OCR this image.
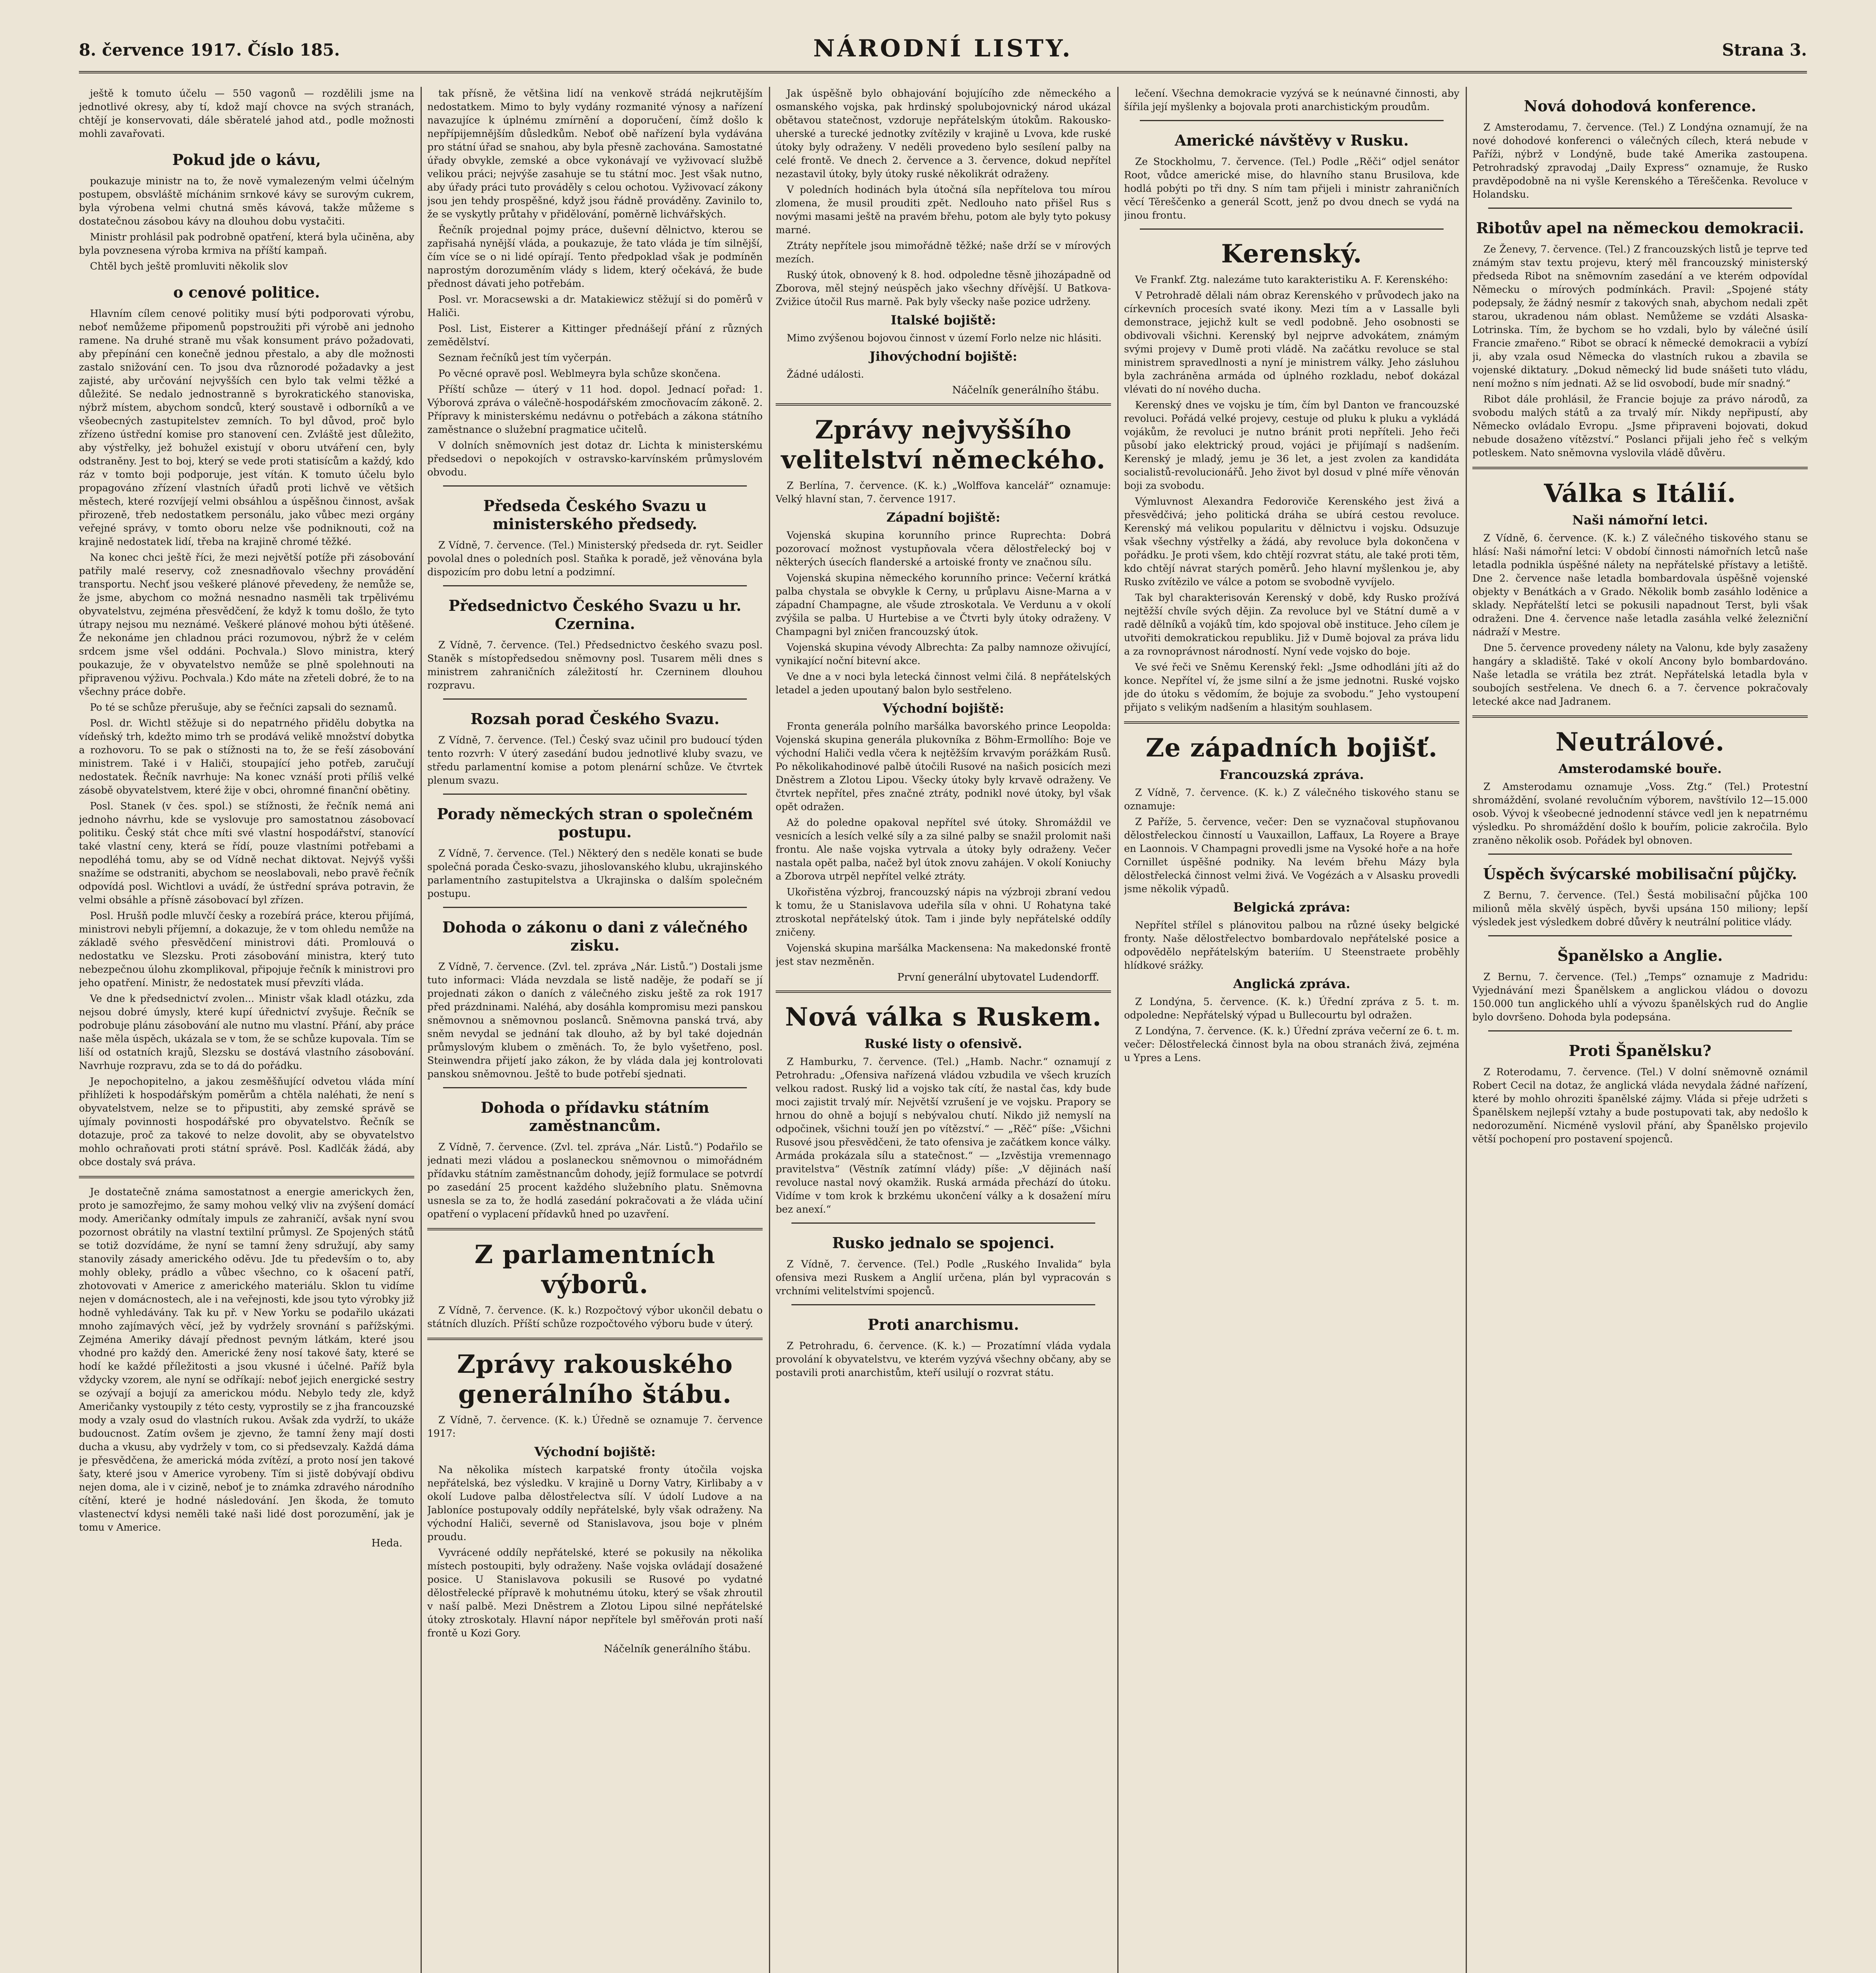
8. července 1917. Číslo 185.	NÁRODNÍ LISTY.	Strana 3.

ještě k tomuto účelu — 550 vagonů — rozdělili jsme na jednotlivé okresy, aby tí, kdož mají chovce na svých stranách, chtějí je konservovati, dále sběratelé jahod atd., podle možnosti mohli zavařovati.

Pokud jde o kávu,

poukazuje ministr na to, že nově vymalezeným velmi účelným postupem, obsvláště míchánim srnkové kávy se surovým cukrem, byla výrobena velmi chutná směs kávová, takže můžeme s dostatečnou zásobou kávy na dlouhou dobu vystačiti.

Ministr prohlásil pak podrobně opatření, která byla učiněna, aby byla povznesena výroba krmiva na příští kampaň.

Chtěl bych ještě promluviti několik slov

o cenové politice.

Hlavním cílem cenové politiky musí býti podporovati výrobu, neboť nemůžeme připomenů popstroužiti při výrobě ani jednoho ramene. Na druhé straně mu však konsument právo požadovati, aby přepínání cen konečně jednou přestalo, a aby dle možnosti zastalo snižování cen. To jsou dva různorodé požadavky a jest zajisté, aby určování nejvyšších cen bylo tak velmi těžké a důležité. Se nedalo jednostranně s byrokratického stanoviska, nýbrž místem, abychom sondců, který soustavě i odborníků a ve všeobecných zastupitelstev zemních. To byl důvod, proč bylo zřízeno ústřední komise pro stanovení cen. Zvláště jest důležito, aby výstřelky, jež bohužel existují v oboru utváření cen, byly odstraněny. Jest to boj, který se vede proti statisícům a každý, kdo ráz v tomto boji podporuje, jest vítán. K tomuto účelu bylo propagováno zřízení vlastních úřadů proti lichvě ve většich městech, které rozvíjejí velmi obsáhlou a úspěšnou činnost, avšak přirozeně, třeb nedostatkem personálu, jako vůbec mezi orgány veřejné správy, v tomto oboru nelze vše podniknouti, což na krajině nedostatek lidí, třeba na krajině chromé těžké.

Na konec chci ještě říci, že mezi největší potíže při zásobování patřily malé reservy, což znesnadňovalo všechny provádění transportu. Nechť jsou veškeré plánové převedeny, že nemůže se, že jsme, abychom co možná nesnadno nasměli tak trpělivému obyvatelstvu, zejména přesvědčení, že když k tomu došlo, že tyto útrapy nejsou mu neznámé. Veškeré plánové mohou býti útěšené. Že nekonáme jen chladnou práci rozumovou, nýbrž že v celém srdcem jsme všel oddáni. Pochvala.) Slovo ministra, který poukazuje, že v obyvatelstvo nemůže se plně spolehnouti na připravenou výživu. Pochvala.) Kdo máte na zřeteli dobré, že to na všechny práce dobře.

Po té se schůze přerušuje, aby se řečníci zapsali do seznamů.

Posl. dr. Wichtl stěžuje si do nepatrného přidělu dobytka na vídeňský trh, kdežto mimo trh se prodává velikě množství dobytka a rozhovoru. To se pak o stížnosti na to, že se řeší zásobování ministrem. Také i v Haliči, stoupající jeho potřeb, zaručují nedostatek. Řečník navrhuje: Na konec vznáší proti příliš velké zásobě obyvatelstvem, které žije v obci, ohromné finanční obětiny.

Posl. Stanek (v čes. spol.) se stížnosti, že řečník nemá ani jednoho návrhu, kde se vyslovuje pro samostatnou zásobovací politiku. Český stát chce míti své vlastní hospodářství, stanovící také vlastní ceny, která se řídí, pouze vlastními potřebami a nepodléhá tomu, aby se od Vídně nechat diktovat. Nejvýš vyšši snažíme se odstraniti, abychom se neoslabovali, nebo pravě řečník odpovídá posl. Wichtlovi a uvádí, že ústřední správa potravin, že velmi obsáhle a přísně zásobovací byl zřízen.

Posl. Hrušň podle mluvčí česky a rozebírá práce, kterou přijímá, ministrovi nebyli příjemní, a dokazuje, že v tom ohledu nemůže na základě svého přesvědčení ministrovi dáti. Promlouvá o nedostatku ve Slezsku. Proti zásobování ministra, který tuto nebezpečnou úlohu zkomplikoval, připojuje řečník k ministrovi pro jeho opatření. Ministr, že nedostatek musí převzíti vláda.

Ve dne k předsednictví zvolen... Ministr však kladl otázku, zda nejsou dobré úmysly, které kupí úřednictví zvyšuje. Řečník se podrobuje plánu zásobování ale nutno mu vlastní. Přání, aby práce naše měla úspěch, ukázala se v tom, že se schůze kupovala. Tím se liší od ostatních krajů, Slezsku se dostává vlastního zásobování. Navrhuje rozpravu, zda se to dá do pořádku.

Je nepochopitelno, a jakou zesměšňující odvetou vláda míní přihlížeti k hospodářským poměrům a chtěla naléhati, že není s obyvatelstvem, nelze se to připustiti, aby zemské správě se ujímaly povinnosti hospodářské pro obyvatelstvo. Řečník se dotazuje, proč za takové to nelze dovolit, aby se obyvatelstvo mohlo ochraňovati proti státní správě. Posl. Kadlčák žádá, aby obce dostaly svá práva.

Je dostatečně známa samostatnost a energie americkych žen, proto je samozřejmo, že samy mohou velký vliv na zvýšení domácí mody. Američanky odmítaly impuls ze zahraničí, avšak nyní svou pozornost obrátily na vlastní textilní průmysl. Ze Spojených států se totiž dozvídáme, že nyní se tamní ženy sdružují, aby samy stanovily zásady amerického oděvu. Jde tu především o to, aby mohly obleky, prádlo a vůbec všechno, co k ošacení patří, zhotovovati v Americe z amerického materiálu. Sklon tu vidíme nejen v domácnostech, ale i na veřejnosti, kde jsou tyto výrobky již hodně vyhledávány. Tak ku př. v New Yorku se podařilo ukázati mnoho zajímavých věcí, jež by vydržely srovnání s pařížskými. Zejména Ameriky dávají přednost pevným látkám, které jsou vhodné pro každý den. Americké ženy nosí takové šaty, které se hodí ke každé příležitosti a jsou vkusné i účelné. Paříž byla vždycky vzorem, ale nyní se odříkají: neboť jejich energické sestry se ozývají a bojují za americkou módu. Nebylo tedy zle, když Američanky vystoupily z této cesty, vyprostily se z jha francouzské mody a vzaly osud do vlastních rukou. Avšak zda vydrží, to ukáže budoucnost. Zatím ovšem je zjevno, že tamní ženy mají dosti ducha a vkusu, aby vydržely v tom, co si předsevzaly. Každá dáma je přesvědčena, že americká móda zvítězí, a proto nosí jen takové šaty, které jsou v Americe vyrobeny. Tím si jistě dobývají obdivu nejen doma, ale i v cizině, neboť je to známka zdravého národního cítění, které je hodné následování. Jen škoda, že tomuto vlastenectví kdysi neměli také naši lidé dost porozumění, jak je tomu v Americe.

Heda.

tak přísně, že většina lidí na venkově strádá nejkrutějším nedostatkem. Mimo to byly vydány rozmanité výnosy a nařízení navazujíce k úplnému zmírnění a doporučení, čímž došlo k nepřípijemnějším důsledkům. Neboť obě nařízení byla vydávána pro státní úřad se snahou, aby byla přesně zachována. Samostatné úřady obvykle, zemské a obce vykonávají ve vyživovací službě velikou práci; nejvýše zasahuje se tu státní moc. Jest však nutno, aby úřady práci tuto prováděly s celou ochotou. Vyživovací zákony jsou jen tehdy prospěšné, když jsou řádně prováděny. Zavinilo to, že se vyskytly průtahy v přidělování, poměrně lichvářských.

Řečník projednal pojmy práce, duševní dělnictvo, kterou se zapřisahá nynější vláda, a poukazuje, že tato vláda je tím silnější, čím více se o ni lidé opírají. Tento předpoklad však je podmíněn naprostým dorozuměním vlády s lidem, který očekává, že bude přednost dávati jeho potřebám.

Posl. vr. Moracsewski a dr. Matakiewicz stěžují si do poměrů v Haliči.

Posl. List, Eisterer a Kittinger přednášejí přání z různých zemědělství.

Seznam řečníků jest tím vyčerpán.

Po věcné opravě posl. Weblmeyra byla schůze skončena.

Příští schůze — úterý v 11 hod. dopol. Jednací pořad: 1. Výborová zpráva o válečně-hospodářském zmocňovacím zákoně. 2. Přípravy k ministerskému nedávnu o potřebách a zákona státního zaměstnance o služební pragmatice učitelů.

V dolních sněmovních jest dotaz dr. Lichta k ministerskému předsedovi o nepokojích v ostravsko-karvínském průmyslovém obvodu.

Předseda Českého Svazu u ministerského předsedy.

Z Vídně, 7. července. (Tel.) Ministerský předseda dr. ryt. Seidler povolal dnes o poledních posl. Staňka k poradě, jež věnována byla dispozicím pro dobu letní a podzimní.

Předsednictvo Českého Svazu u hr. Czernina.

Z Vídně, 7. července. (Tel.) Předsednictvo českého svazu posl. Staněk s místopředsedou sněmovny posl. Tusarem měli dnes s ministrem zahraničních záležitostí hr. Czerninem dlouhou rozpravu.

Rozsah porad Českého Svazu.

Z Vídně, 7. července. (Tel.) Český svaz učinil pro budoucí týden tento rozvrh: V úterý zasedání budou jednotlivé kluby svazu, ve středu parlamentní komise a potom plenární schůze. Ve čtvrtek plenum svazu.

Porady německých stran o společném postupu.

Z Vídně, 7. července. (Tel.) Některý den s neděle konati se bude společná porada Česko-svazu, jihoslovanského klubu, ukrajinského parlamentního zastupitelstva a Ukrajinska o dalším společném postupu.

Dohoda o zákonu o dani z válečného zisku.

Z Vídně, 7. července. (Zvl. tel. zpráva „Nár. Listů.“) Dostali jsme tuto informaci: Vláda nevzdala se listě naděje, že podaří se jí projednati zákon o daních z válečného zisku ještě za rok 1917 před prázdninami. Naléhá, aby dosáhla kompromisu mezi panskou sněmovnou a sněmovnou poslanců. Sněmovna panská trvá, aby sněm nevydal se jednání tak dlouho, až by byl také dojednán průmyslovým klubem o změnách. To, že bylo vyšetřeno, posl. Steinwendra přijetí jako zákon, že by vláda dala jej kontrolovati panskou sněmovnou. Ještě to bude potřebí sjednati.

Dohoda o přídavku státním zaměstnancům.

Z Vídně, 7. července. (Zvl. tel. zpráva „Nár. Listů.“) Podařilo se jednati mezi vládou a poslaneckou sněmovnou o mimořádném přídavku státním zaměstnancům dohody, jejíž formulace se potvrdí po zasedání 25 procent každého služebního platu. Sněmovna usnesla se za to, že hodlá zasedání pokračovati a že vláda učiní opatření o vyplacení přídavků hned po uzavření.

Z parlamentních výborů.

Z Vídně, 7. července. (K. k.) Rozpočtový výbor ukončil debatu o státních dluzích. Příští schůze rozpočtového výboru bude v úterý.

Zprávy rakouského generálního štábu.

Z Vídně, 7. července. (K. k.) Úředně se oznamuje 7. července 1917:

Východní bojiště:

Na několika místech karpatské fronty útočila vojska nepřátelská, bez výsledku. V krajině u Dorny Vatry, Kirlibaby a v okolí Ludove palba dělostřelectva sílí. V údolí Ludove a na Jabloníce postupovaly oddíly nepřátelské, byly však odraženy. Na východní Haliči, severně od Stanislavova, jsou boje v plném proudu.

Vyvrácené oddíly nepřátelské, které se pokusily na několika místech postoupiti, byly odraženy. Naše vojska ovládají dosažené posice. U Stanislavova pokusili se Rusové po vydatné dělostřelecké přípravě k mohutnému útoku, který se však zhroutil v naší palbě. Mezi Dněstrem a Zlotou Lipou silné nepřátelské útoky ztroskotaly. Hlavní nápor nepřítele byl směřován proti naší frontě u Kozi Gory.

Náčelník generálního štábu.

Jak úspěšně bylo obhajování bojujícího zde německého a osmanského vojska, pak hrdinský spolubojovnický národ ukázal obětavou statečnost, vzdoruje nepřátelským útokům. Rakousko-uherské a turecké jednotky zvítězily v krajině u Lvova, kde ruské útoky byly odraženy. V neděli provedeno bylo sesílení palby na celé frontě. Ve dnech 2. července a 3. července, dokud nepřítel nezastavil útoky, byly útoky ruské několikrát odraženy.

V poledních hodinách byla útočná síla nepřítelova tou mírou zlomena, že musil prouditi zpět. Nedlouho nato přišel Rus s novými masami ještě na pravém břehu, potom ale byly tyto pokusy marné.

Ztráty nepřítele jsou mimořádně těžké; naše drží se v mírových mezích.

Ruský útok, obnovený k 8. hod. odpoledne těsně jihozápadně od Zborova, měl stejný neúspěch jako všechny dřívější. U Batkova-Zvižice útočil Rus marně. Pak byly všecky naše pozice udrženy.

Italské bojiště:

Mimo zvýšenou bojovou činnost v území Forlo nelze nic hlásiti.

Jihovýchodní bojiště:

Žádné události.

Náčelník generálního štábu.
Zprávy nejvyššího velitelství německého.

Z Berlína, 7. července. (K. k.) „Wolffova kancelář“ oznamuje: Velký hlavní stan, 7. července 1917.

Západní bojiště:

Vojenská skupina korunního prince Ruprechta: Dobrá pozorovací možnost vystupňovala včera dělostřelecký boj v některých úsecích flanderské a artoiské fronty ve značnou sílu.

Vojenská skupina německého korunního prince: Večerní krátká palba chystala se obvykle k Cerny, u průplavu Aisne-Marna a v západní Champagne, ale všude ztroskotala. Ve Verdunu a v okolí zvýšila se palba. U Hurtebise a ve Čtvrti byly útoky odraženy. V Champagni byl zničen francouzský útok.

Vojenská skupina vévody Albrechta: Za palby namnoze oživující, vynikající noční bitevní akce.

Ve dne a v noci byla letecká činnost velmi čilá. 8 nepřátelských letadel a jeden upoutaný balon bylo sestřeleno.

Východní bojiště:

Fronta generála polního maršálka bavorského prince Leopolda: Vojenská skupina generála plukovníka z Böhm-Ermollího: Boje ve východní Haliči vedla včera k nejtěžším krvavým porážkám Rusů. Po několikahodinové palbě útočili Rusové na našich posicích mezi Dněstrem a Zlotou Lipou. Všecky útoky byly krvavě odraženy. Ve čtvrtek nepřítel, přes značné ztráty, podnikl nové útoky, byl však opět odražen.

Až do poledne opakoval nepřítel své útoky. Shromáždil ve vesnicích a lesích velké síly a za silné palby se snažil prolomit naši frontu. Ale naše vojska vytrvala a útoky byly odraženy. Večer nastala opět palba, načež byl útok znovu zahájen. V okolí Koniuchy a Zborova utrpěl nepřítel velké ztráty.

Ukořistěna výzbroj, francouzský nápis na výzbroji zbraní vedou k tomu, že u Stanislavova udeřila síla v ohni. U Rohatyna také ztroskotal nepřátelský útok. Tam i jinde byly nepřátelské oddíly zničeny.

Vojenská skupina maršálka Mackensena: Na makedonské frontě jest stav nezměněn.

První generální ubytovatel Ludendorff.
Nová válka s Ruskem.
Ruské listy o ofensivě.

Z Hamburku, 7. července. (Tel.) „Hamb. Nachr.“ oznamují z Petrohradu: „Ofensiva nařízená vládou vzbudila ve všech kruzích velkou radost. Ruský lid a vojsko tak cítí, že nastal čas, kdy bude moci zajistit trvalý mír. Největší vzrušení je ve vojsku. Prapory se hrnou do ohně a bojují s nebývalou chutí. Nikdo již nemyslí na odpočinek, všichni touží jen po vítězství.“ — „Rěč“ píše: „Všichni Rusové jsou přesvědčeni, že tato ofensiva je začátkem konce války. Armáda prokázala sílu a statečnost.“ — „Izvěstija vremennago pravitelstva“ (Věstník zatímní vlády) píše: „V dějinách naší revoluce nastal nový okamžik. Ruská armáda přechází do útoku. Vidíme v tom krok k brzkému ukončení války a k dosažení míru bez anexí.“

Rusko jednalo se spojenci.

Z Vídně, 7. července. (Tel.) Podle „Ruského Invalida“ byla ofensiva mezi Ruskem a Anglií určena, plán byl vypracován s vrchními velitelstvími spojenců.

Proti anarchismu.

Z Petrohradu, 6. července. (K. k.) — Prozatímní vláda vydala provolání k obyvatelstvu, ve kterém vyzývá všechny občany, aby se postavili proti anarchistům, kteří usilují o rozvrat státu.

lečení. Všechna demokracie vyzývá se k neúnavné činnosti, aby šířila její myšlenky a bojovala proti anarchistickým proudům.

Americké návštěvy v Rusku.

Ze Stockholmu, 7. července. (Tel.) Podle „Rěči“ odjel senátor Root, vůdce americké mise, do hlavního stanu Brusilova, kde hodlá pobýti po tři dny. S ním tam přijeli i ministr zahraničních věcí Těreščenko a generál Scott, jenž po dvou dnech se vydá na jinou frontu.

Kerenský.

Ve Frankf. Ztg. nalezáme tuto karakteristiku A. F. Kerenského:

V Petrohradě dělali nám obraz Kerenského v průvodech jako na církevních procesích svaté ikony. Mezi tím a v Lassalle byli demonstrace, jejichž kult se vedl podobně. Jeho osobnosti se obdivovali všichni. Kerenský byl nejprve advokátem, známým svými projevy v Dumě proti vládě. Na začátku revoluce se stal ministrem spravedlnosti a nyní je ministrem války. Jeho zásluhou byla zachráněna armáda od úplného rozkladu, neboť dokázal vlévati do ní nového ducha.

Kerenský dnes ve vojsku je tím, čím byl Danton ve francouzské revoluci. Pořádá velké projevy, cestuje od pluku k pluku a vykládá vojákům, že revoluci je nutno bránit proti nepříteli. Jeho řeči působí jako elektrický proud, vojáci je přijímají s nadšením. Kerenský je mladý, jemu je 36 let, a jest zvolen za kandidáta socialistů-revolucionářů. Jeho život byl dosud v plné míře věnován boji za svobodu.

Výmluvnost Alexandra Fedoroviče Kerenského jest živá a přesvědčivá; jeho politická dráha se ubírá cestou revoluce. Kerenský má velikou popularitu v dělnictvu i vojsku. Odsuzuje však všechny výstřelky a žádá, aby revoluce byla dokončena v pořádku. Je proti všem, kdo chtějí rozvrat státu, ale také proti těm, kdo chtějí návrat starých poměrů. Jeho hlavní myšlenkou je, aby Rusko zvítězilo ve válce a potom se svobodně vyvíjelo.

Tak byl charakterisován Kerenský v době, kdy Rusko prožívá nejtěžší chvíle svých dějin. Za revoluce byl ve Státní dumě a v radě dělníků a vojáků tím, kdo spojoval obě instituce. Jeho cílem je utvořiti demokratickou republiku. Již v Dumě bojoval za práva lidu a za rovnoprávnost národností. Nyní vede vojsko do boje.

Ve své řeči ve Sněmu Kerenský řekl: „Jsme odhodláni jíti až do konce. Nepřítel ví, že jsme silní a že jsme jednotni. Ruské vojsko jde do útoku s vědomím, že bojuje za svobodu.“ Jeho vystoupení přijato s velikým nadšením a hlasitým souhlasem.

Ze západních bojišť.
Francouzská zpráva.

Z Vídně, 7. července. (K. k.) Z válečného tiskového stanu se oznamuje:

Z Paříže, 5. července, večer: Den se vyznačoval stupňovanou dělostřeleckou činností u Vauxaillon, Laffaux, La Royere a Braye en Laonnois. V Champagni provedli jsme na Vysoké hoře a na hoře Cornillet úspěšné podniky. Na levém břehu Mázy byla dělostřelecká činnost velmi živá. Ve Vogézách a v Alsasku provedli jsme několik výpadů.

Belgická zpráva:

Nepřítel střílel s plánovitou palbou na různé úseky belgické fronty. Naše dělostřelectvo bombardovalo nepřátelské posice a odpovědělo nepřátelským bateriím. U Steenstraete proběhly hlídkové srážky.

Anglická zpráva.

Z Londýna, 5. července. (K. k.) Úřední zpráva z 5. t. m. odpoledne: Nepřátelský výpad u Bullecourtu byl odražen.

Z Londýna, 7. července. (K. k.) Úřední zpráva večerní ze 6. t. m. večer: Dělostřelecká činnost byla na obou stranách živá, zejména u Ypres a Lens.

Nová dohodová konference.

Z Amsterodamu, 7. července. (Tel.) Z Londýna oznamují, že na nové dohodové konferenci o válečných cílech, která nebude v Paříži, nýbrž v Londýně, bude také Amerika zastoupena. Petrohradský zpravodaj „Daily Express“ oznamuje, že Rusko pravděpodobně na ni vyšle Kerenského a Těreščenka. Revoluce v Holandsku.

Ribotův apel na německou demokracii.

Ze Ženevy, 7. července. (Tel.) Z francouzských listů je teprve teď známým stav textu projevu, který měl francouzský ministerský předseda Ribot na sněmovním zasedání a ve kterém odpovídal Německu o mírových podmínkách. Pravil: „Spojené státy podepsaly, že žádný nesmír z takových snah, abychom nedali zpět starou, ukradenou nám oblast. Nemůžeme se vzdáti Alsaska-Lotrinska. Tím, že bychom se ho vzdali, bylo by válečné úsilí Francie zmařeno.“ Ribot se obrací k německé demokracii a vybízí ji, aby vzala osud Německa do vlastních rukou a zbavila se vojenské diktatury. „Dokud německý lid bude snášeti tuto vládu, není možno s ním jednati. Až se lid osvobodí, bude mír snadný.“

Ribot dále prohlásil, že Francie bojuje za právo národů, za svobodu malých států a za trvalý mír. Nikdy nepřipustí, aby Německo ovládalo Evropu. „Jsme připraveni bojovati, dokud nebude dosaženo vítězství.“ Poslanci přijali jeho řeč s velkým potleskem. Nato sněmovna vyslovila vládě důvěru.

Válka s Itálií.
Naši námořní letci.

Z Vídně, 6. července. (K. k.) Z válečného tiskového stanu se hlásí: Naši námořní letci: V období činnosti námořních letců naše letadla podnikla úspěšné nálety na nepřátelské přístavy a letiště. Dne 2. července naše letadla bombardovala úspěšně vojenské objekty v Benátkách a v Grado. Několik bomb zasáhlo loděnice a sklady. Nepřátelští letci se pokusili napadnout Terst, byli však odraženi. Dne 4. července naše letadla zasáhla velké železniční nádraží v Mestre.

Dne 5. července provedeny nálety na Valonu, kde byly zasaženy hangáry a skladiště. Také v okolí Ancony bylo bombardováno. Naše letadla se vrátila bez ztrát. Nepřátelská letadla byla v soubojích sestřelena. Ve dnech 6. a 7. července pokračovaly letecké akce nad Jadranem.

Neutrálové.
Amsterodamské bouře.

Z Amsterodamu oznamuje „Voss. Ztg.“ (Tel.) Protestní shromáždění, svolané revolučním výborem, navštívilo 12—15.000 osob. Vývoj k všeobecné jednodenní stávce vedl jen k nepatrnému výsledku. Po shromáždění došlo k bouřím, policie zakročila. Bylo zraněno několik osob. Pořádek byl obnoven.

Úspěch švýcarské mobilisační půjčky.

Z Bernu, 7. července. (Tel.) Šestá mobilisační půjčka 100 milionů měla skvělý úspěch, byvši upsána 150 miliony; lepší výsledek jest výsledkem dobré důvěry k neutrální politice vlády.

Španělsko a Anglie.

Z Bernu, 7. července. (Tel.) „Temps“ oznamuje z Madridu: Vyjednávání mezi Španělskem a anglickou vládou o dovozu 150.000 tun anglického uhlí a vývozu španělských rud do Anglie bylo dovršeno. Dohoda byla podepsána.

Proti Španělsku?

Z Roterodamu, 7. července. (Tel.) V dolní sněmovně oznámil Robert Cecil na dotaz, že anglická vláda nevydala žádné nařízení, které by mohlo ohroziti španělské zájmy. Vláda si přeje udržeti s Španělskem nejlepší vztahy a bude postupovati tak, aby nedošlo k nedorozumění. Nicméně vyslovil přání, aby Španělsko projevilo větší pochopení pro postavení spojenců.
